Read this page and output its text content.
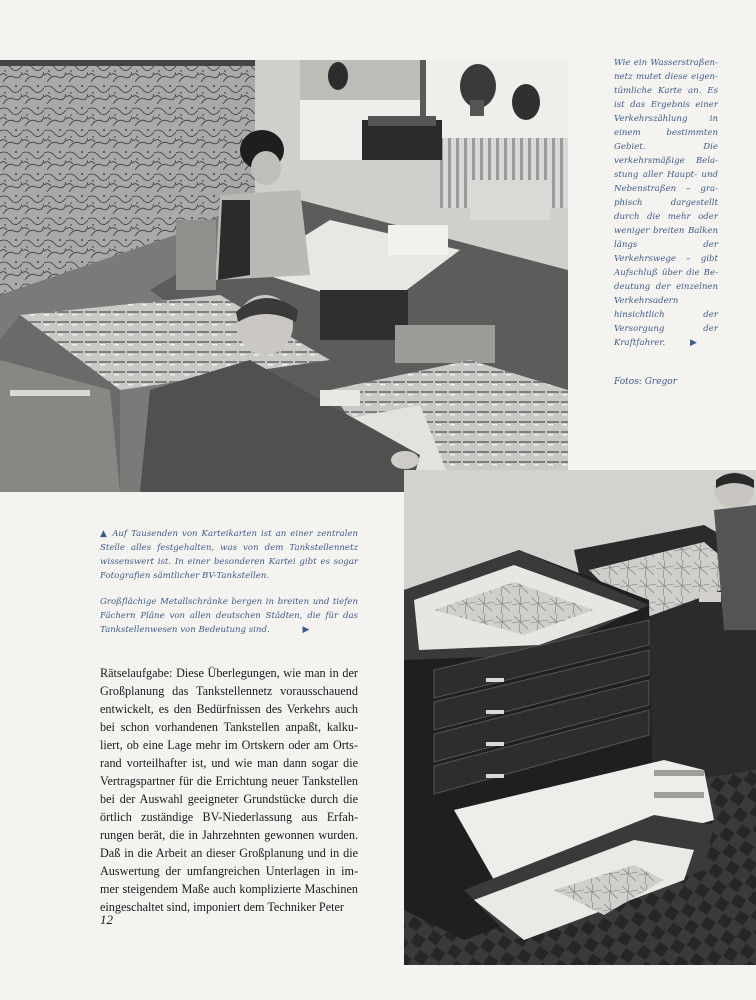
Wie ein Wasserstraßennetz mutet diese eigentümliche Karte an. Es ist das Ergebnis einer Verkehrszählung in einem bestimmten Gebiet. Die verkehrsmäßige Belastung aller Haupt- und Nebenstraßen – graphisch dargestellt durch die mehr oder weniger breiten Balken längs der Verkehrswege – gibt Aufschluß über die Bedeutung der einzelnen Verkehrsadern hinsichtlich der Versorgung der Kraftfahrer.	▶
Fotos: Gregor
▲ Auf Tausenden von Karteikarten ist an einer zentralen Stelle alles festgehalten, was von dem Tankstellennetz wissenswert ist. In einer besonderen Kartei gibt es sogar Fotografien sämtlicher BV-Tankstellen.
Großflächige Metallschränke bergen in breiten und tiefen Fächern Pläne von allen deutschen Städten, die für das Tankstellenwesen von Bedeutung sind.	▶
Rätselaufgabe: Diese Überlegungen, wie man in der Großplanung das Tankstellennetz vorausschauend entwickelt, es den Bedürfnissen des Verkehrs auch bei schon vorhandenen Tankstellen anpaßt, kalkuliert, ob eine Lage mehr im Ortskern oder am Ortsrand vorteilhafter ist, und wie man dann sogar die Vertragspartner für die Errichtung neuer Tankstellen bei der Auswahl geeigneter Grundstücke durch die örtlich zuständige BV-Niederlassung aus Erfahrungen berät, die in Jahrzehnten gewonnen wurden. Daß in die Arbeit an dieser Großplanung und in die Auswertung der umfangreichen Unterlagen in immer steigendem Maße auch komplizierte Maschinen eingeschaltet sind, imponiert dem Techniker Peter
12
